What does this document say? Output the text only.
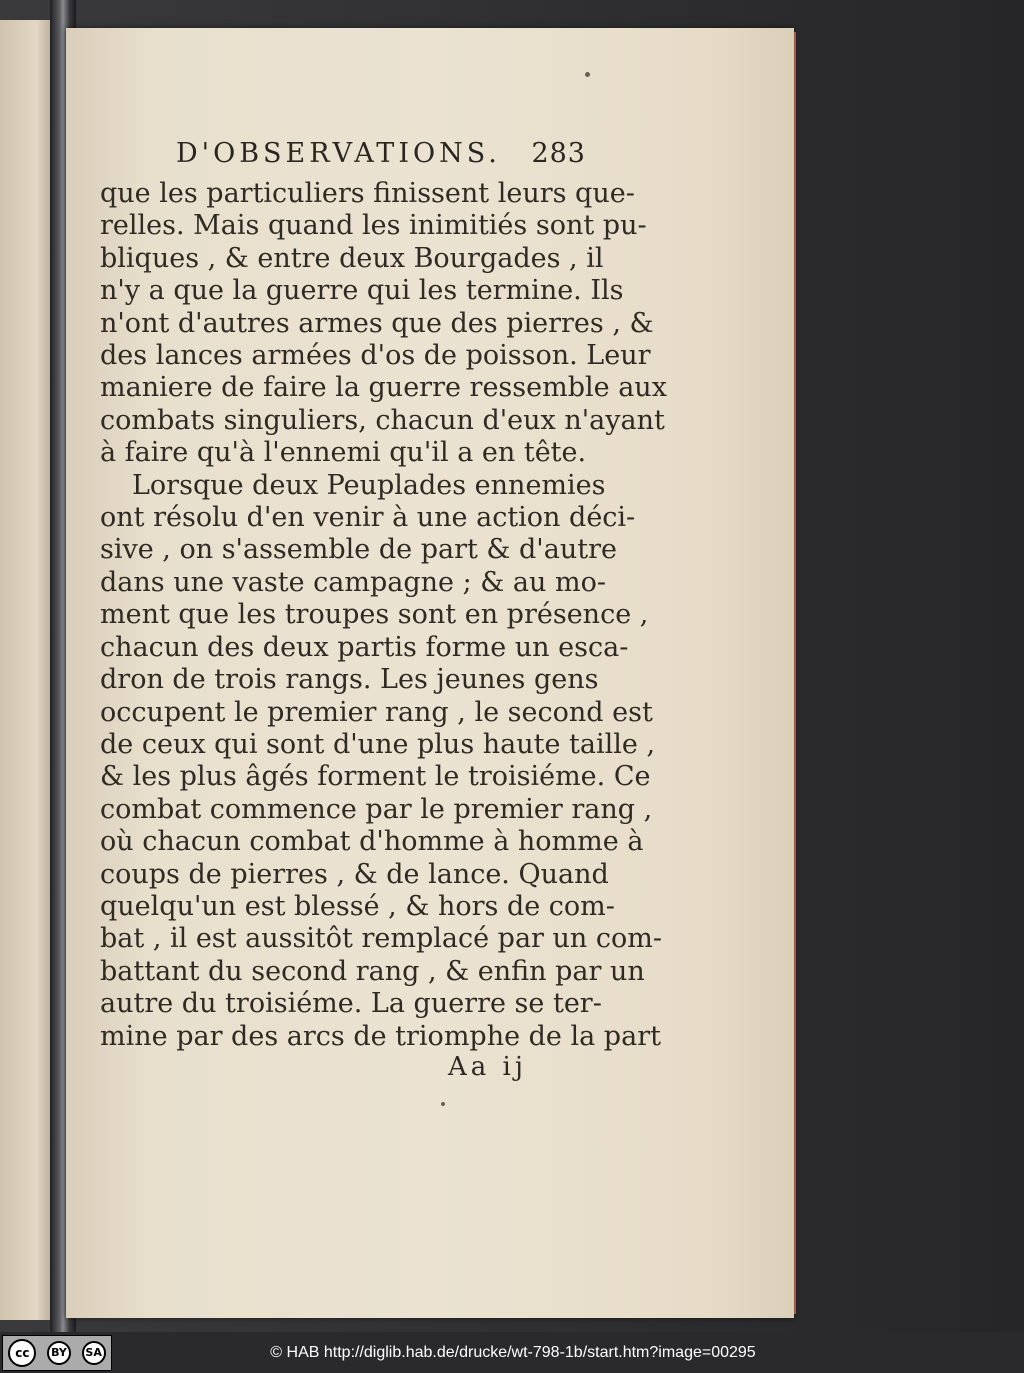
D'OBSERVATIONS. 283
que les particuliers finissent leurs que-
relles. Mais quand les inimitiés sont pu-
bliques , & entre deux Bourgades , il
n'y a que la guerre qui les termine. Ils
n'ont d'autres armes que des pierres , &
des lances armées d'os de poisson. Leur
maniere de faire la guerre ressemble aux
combats singuliers, chacun d'eux n'ayant
à faire qu'à l'ennemi qu'il a en tête.
Lorsque deux Peuplades ennemies
ont résolu d'en venir à une action déci-
sive , on s'assemble de part & d'autre
dans une vaste campagne ; & au mo-
ment que les troupes sont en présence ,
chacun des deux partis forme un esca-
dron de trois rangs. Les jeunes gens
occupent le premier rang , le second est
de ceux qui sont d'une plus haute taille ,
& les plus âgés forment le troisiéme. Ce
combat commence par le premier rang ,
où chacun combat d'homme à homme à
coups de pierres , & de lance. Quand
quelqu'un est blessé , & hors de com-
bat , il est aussitôt remplacé par un com-
battant du second rang , & enfin par un
autre du troisiéme. La guerre se ter-
mine par des arcs de triomphe de la part
Aa ij
cc	BY	SA	© HAB http://diglib.hab.de/drucke/wt-798-1b/start.htm?image=00295
